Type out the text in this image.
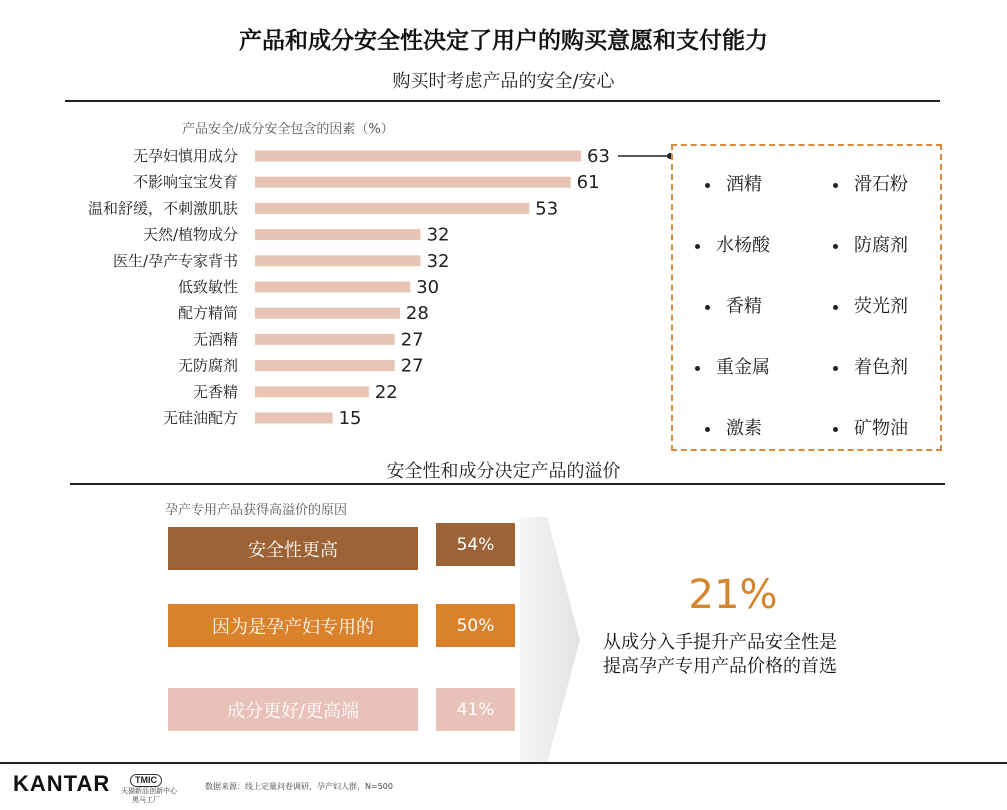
产品和成分安全性决定了用户的购买意愿和支付能力
购买时考虑产品的安全/安心
产品安全/成分安全包含的因素（%）
无孕妇慎用成分	63
不影响宝宝发育	61
温和舒缓，不刺激肌肤	53
天然/植物成分	32
医生/孕产专家背书	32
低致敏性	30
配方精简	28
无酒精	27
无防腐剂	27
无香精	22
无硅油配方	15
酒精	滑石粉
水杨酸	防腐剂
香精	荧光剂
重金属	着色剂
激素	矿物油
安全性和成分决定产品的溢价
孕产专用产品获得高溢价的原因
安全性更高	54%
因为是孕产妇专用的	50%
成分更好/更高端	41%
21%
从成分入手提升产品安全性是
提高孕产专用产品价格的首选
KANTAR	TMIC
天猫新品创新中心
黑马工厂
数据来源：线上定量问卷调研，孕产妇人群，N=500
